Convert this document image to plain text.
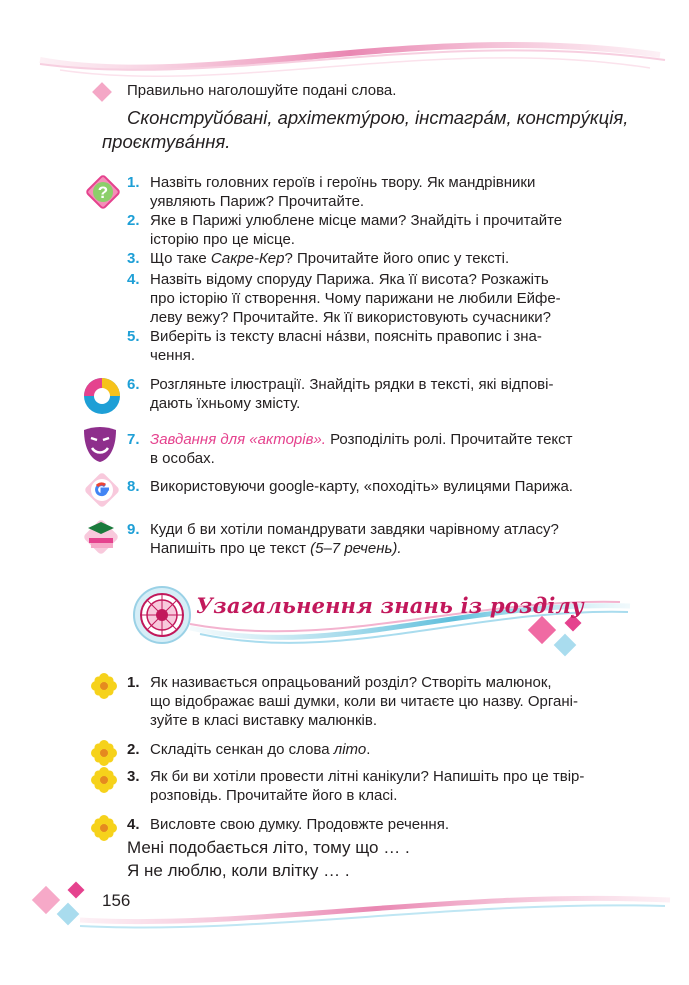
Правильно наголошуйте подані слова.
Сконструйóвані, архітектýрою, інстагрáм, констрýкція,
проєктувáння.
?
1. Назвіть головних героїв і героїнь твору. Як мандрівники
уявляють Париж? Прочитайте.
2. Яке в Парижі улюблене місце мами? Знайдіть і прочитайте
історію про це місце.
3. Що таке Сакре-Кер? Прочитайте його опис у тексті.
4. Назвіть відому споруду Парижа. Яка її висота? Розкажіть
про історію її створення. Чому парижани не любили Ейфе-
леву вежу? Прочитайте. Як її використовують сучасники?
5. Виберіть із тексту власні нáзви, поясніть правопис і зна-
чення.
6. Розгляньте ілюстрації. Знайдіть рядки в тексті, які відпові-
дають їхньому змісту.
7. Завдання для «акторів». Розподіліть ролі. Прочитайте текст
в особах.
8. Використовуючи google-карту, «походіть» вулицями Парижа.
9. Куди б ви хотіли помандрувати завдяки чарівному атласу?
Напишіть про це текст (5–7 речень).
Узагальнення знань із розділу
1. Як називається опрацьований розділ? Створіть малюнок,
що відображає ваші думки, коли ви читаєте цю назву. Органі-
зуйте в класі виставку малюнків.
2. Складіть сенкан до слова літо.
3. Як би ви хотіли провести літні канікули? Напишіть про це твір-
розповідь. Прочитайте його в класі.
4. Висловте свою думку. Продовжте речення.
Мені подобається літо, тому що … .
Я не люблю, коли влітку … .
156
